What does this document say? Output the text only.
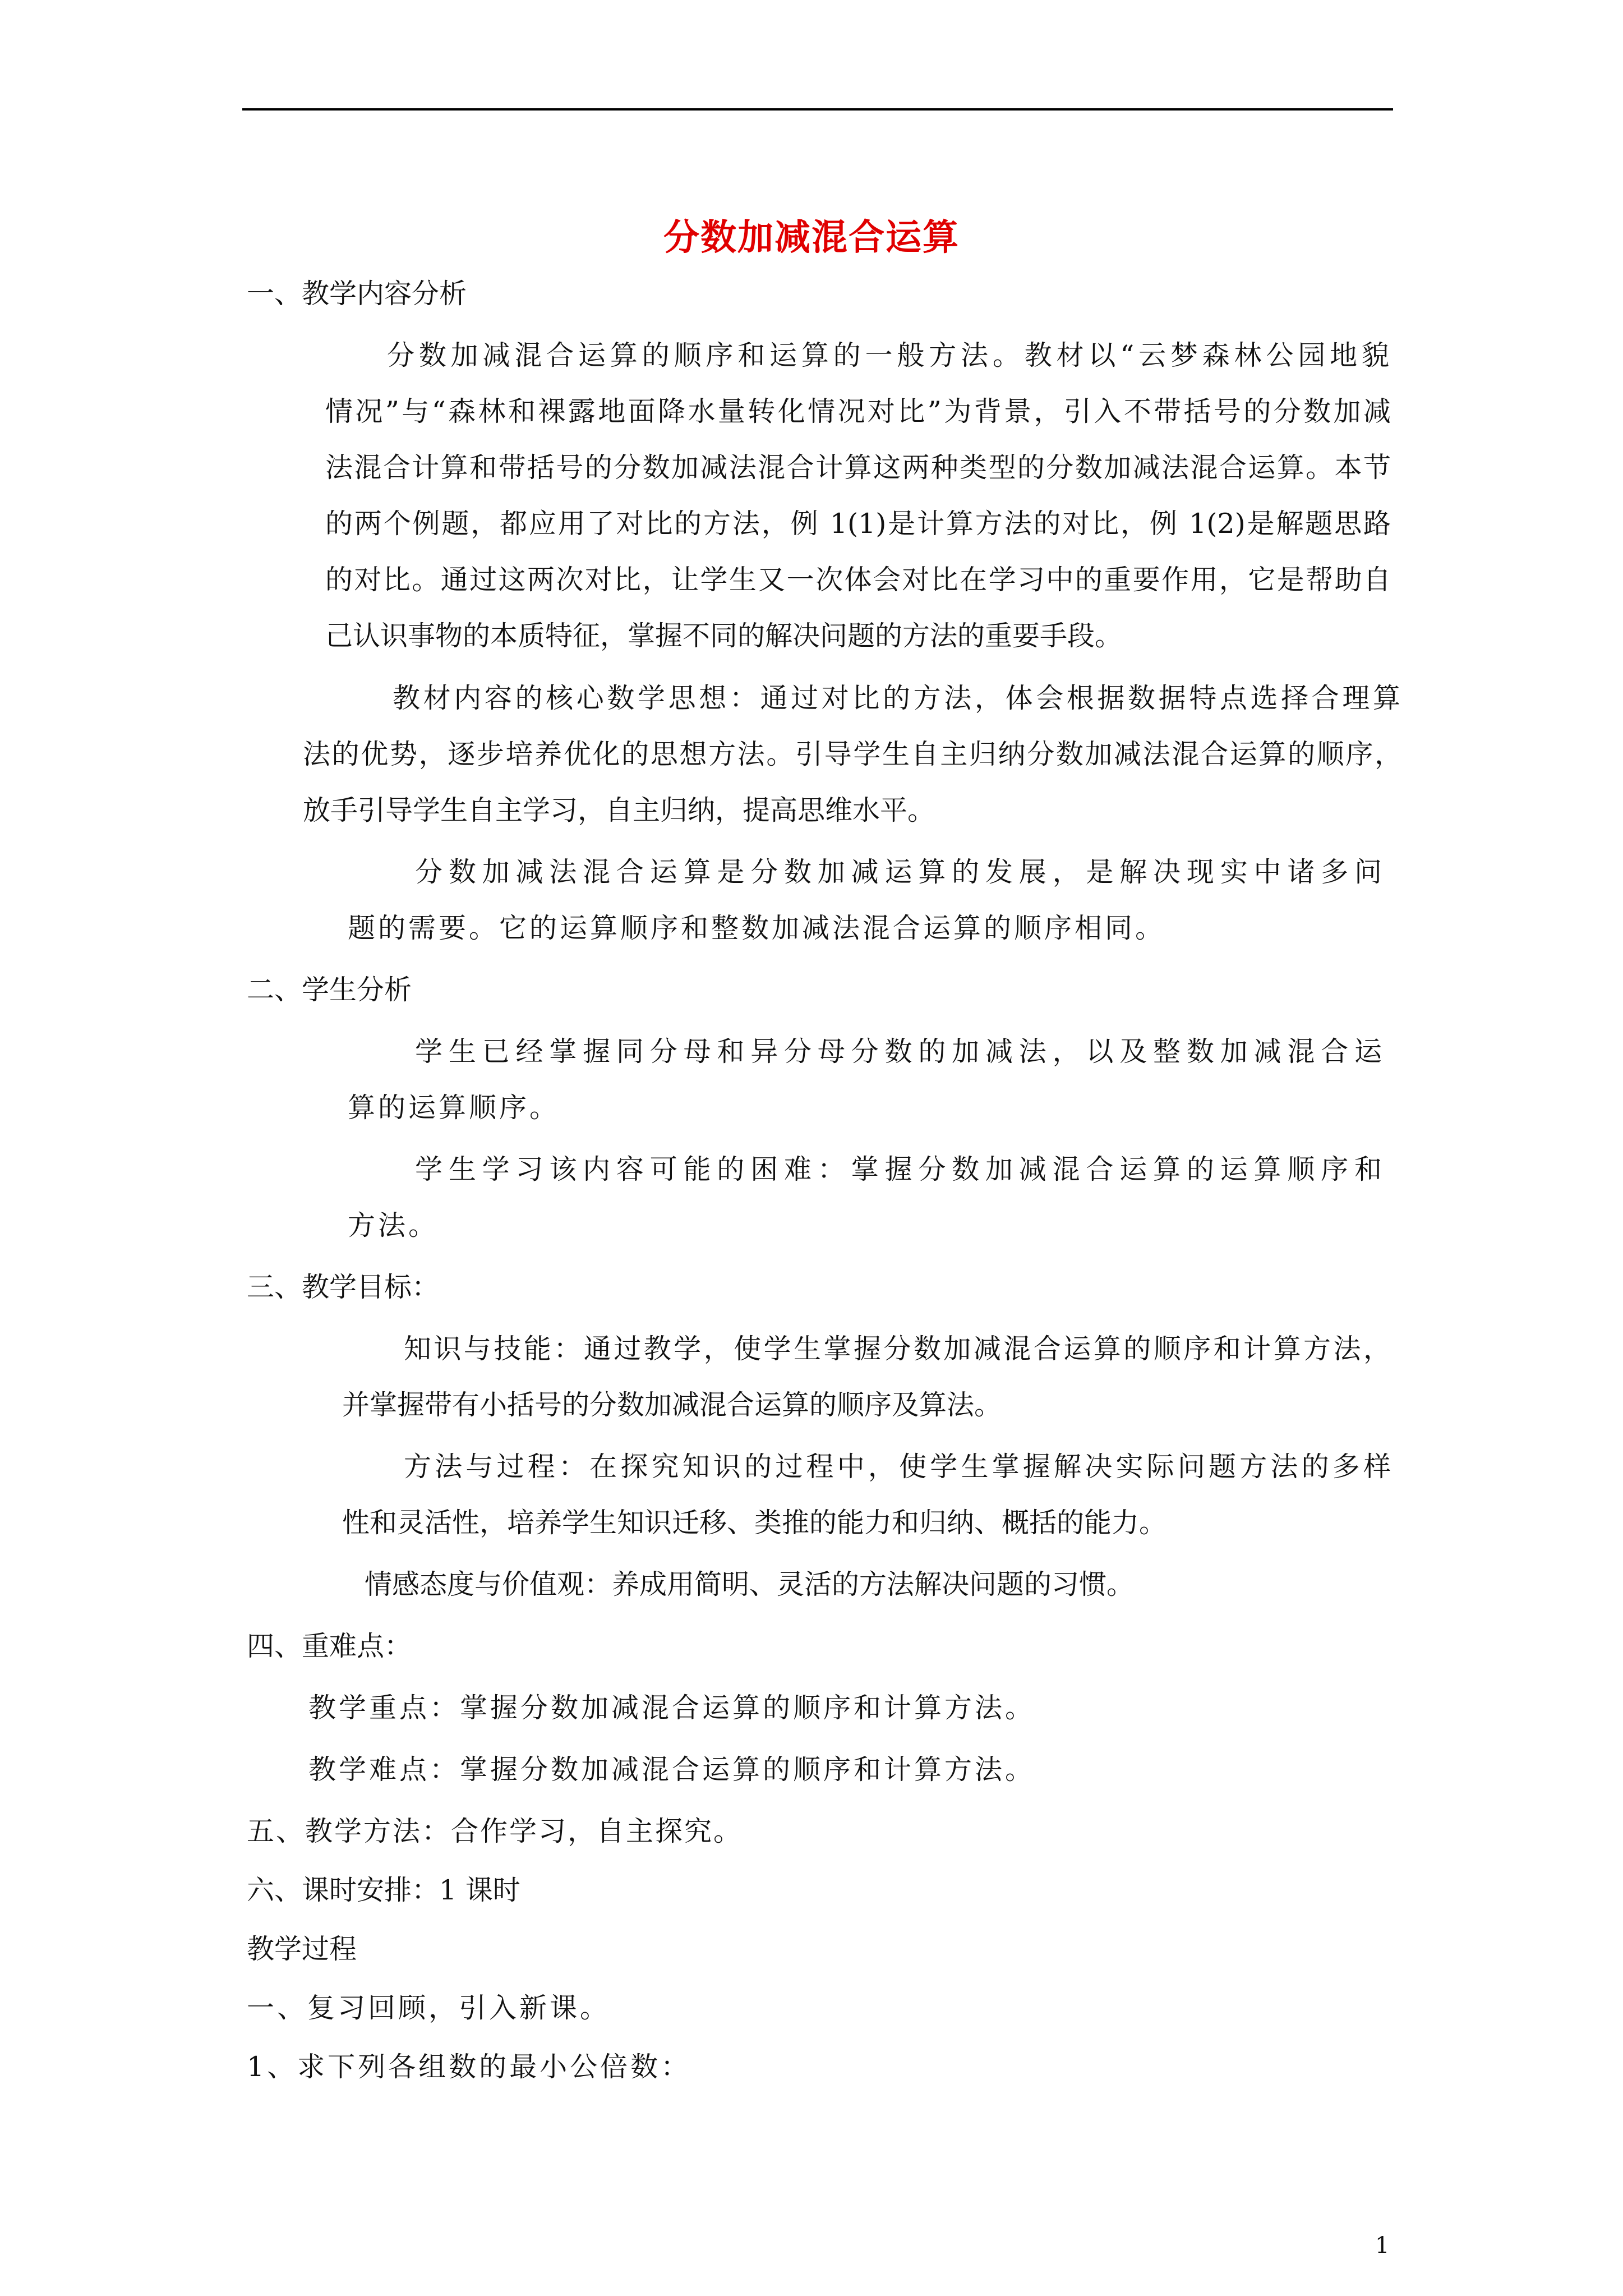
分数加减混合运算
一、教学内容分析
分数加减混合运算的顺序和运算的一般方法。教材以“云梦森林公园地貌
情况”与“森林和裸露地面降水量转化情况对比”为背景，引入不带括号的分数加减
法混合计算和带括号的分数加减法混合计算这两种类型的分数加减法混合运算。本节
的两个例题，都应用了对比的方法，例 1(1)是计算方法的对比，例 1(2)是解题思路
的对比。通过这两次对比，让学生又一次体会对比在学习中的重要作用，它是帮助自
己认识事物的本质特征，掌握不同的解决问题的方法的重要手段。
教材内容的核心数学思想：通过对比的方法，体会根据数据特点选择合理算
法的优势，逐步培养优化的思想方法。引导学生自主归纳分数加减法混合运算的顺序，
放手引导学生自主学习，自主归纳，提高思维水平。
分数加减法混合运算是分数加减运算的发展，是解决现实中诸多问
题的需要。它的运算顺序和整数加减法混合运算的顺序相同。
二、学生分析
学生已经掌握同分母和异分母分数的加减法，以及整数加减混合运
算的运算顺序。
学生学习该内容可能的困难：掌握分数加减混合运算的运算顺序和
方法。
三、教学目标：
知识与技能：通过教学，使学生掌握分数加减混合运算的顺序和计算方法，
并掌握带有小括号的分数加减混合运算的顺序及算法。
方法与过程：在探究知识的过程中，使学生掌握解决实际问题方法的多样
性和灵活性，培养学生知识迁移、类推的能力和归纳、概括的能力。
情感态度与价值观：养成用简明、灵活的方法解决问题的习惯。
四、重难点：
教学重点：掌握分数加减混合运算的顺序和计算方法。
教学难点：掌握分数加减混合运算的顺序和计算方法。
五、教学方法：合作学习，自主探究。
六、课时安排：1 课时
教学过程
一、复习回顾，引入新课。
1、求下列各组数的最小公倍数：
1
